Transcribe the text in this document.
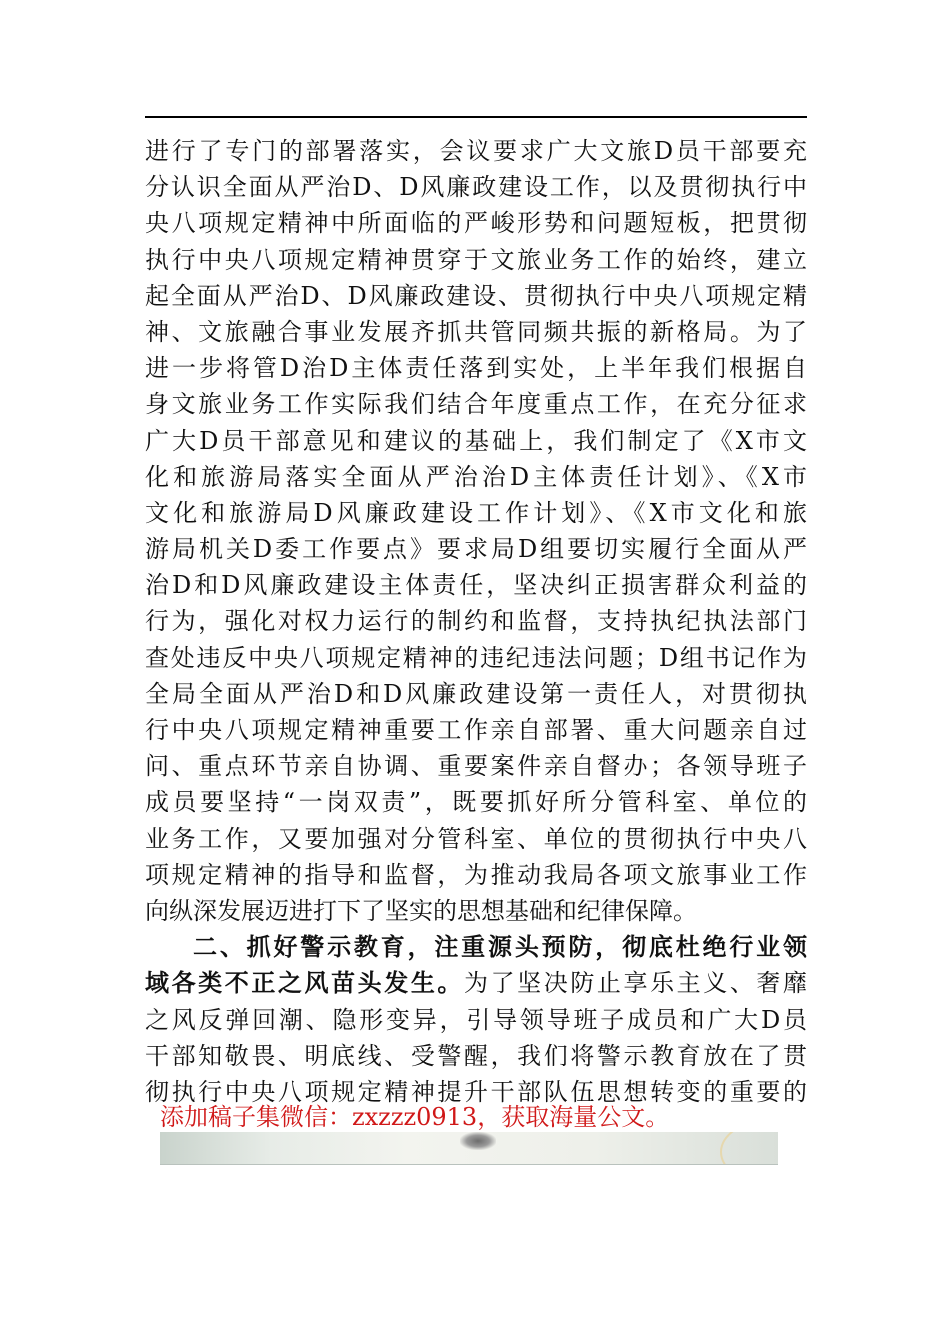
进行了专门的部署落实，会议要求广大文旅D员干部要充
分认识全面从严治D、D风廉政建设工作，以及贯彻执行中
央八项规定精神中所面临的严峻形势和问题短板，把贯彻
执行中央八项规定精神贯穿于文旅业务工作的始终，建立
起全面从严治D、D风廉政建设、贯彻执行中央八项规定精
神、文旅融合事业发展齐抓共管同频共振的新格局。为了
进一步将管D治D主体责任落到实处，上半年我们根据自
身文旅业务工作实际我们结合年度重点工作，在充分征求
广大D员干部意见和建议的基础上，我们制定了《X市文
化和旅游局落实全面从严治治D主体责任计划》、《X市
文化和旅游局D风廉政建设工作计划》、《X市文化和旅
游局机关D委工作要点》要求局D组要切实履行全面从严
治D和D风廉政建设主体责任，坚决纠正损害群众利益的
行为，强化对权力运行的制约和监督，支持执纪执法部门
查处违反中央八项规定精神的违纪违法问题；D组书记作为
全局全面从严治D和D风廉政建设第一责任人，对贯彻执
行中央八项规定精神重要工作亲自部署、重大问题亲自过
问、重点环节亲自协调、重要案件亲自督办；各领导班子
成员要坚持“一岗双责”，既要抓好所分管科室、单位的
业务工作，又要加强对分管科室、单位的贯彻执行中央八
项规定精神的指导和监督，为推动我局各项文旅事业工作
向纵深发展迈进打下了坚实的思想基础和纪律保障。
二、抓好警示教育，注重源头预防，彻底杜绝行业领
域各类不正之风苗头发生。为了坚决防止享乐主义、奢靡
之风反弹回潮、隐形变异，引导领导班子成员和广大D员
干部知敬畏、明底线、受警醒，我们将警示教育放在了贯
彻执行中央八项规定精神提升干部队伍思想转变的重要的
添加稿子集微信：zxzzz0913，获取海量公文。
